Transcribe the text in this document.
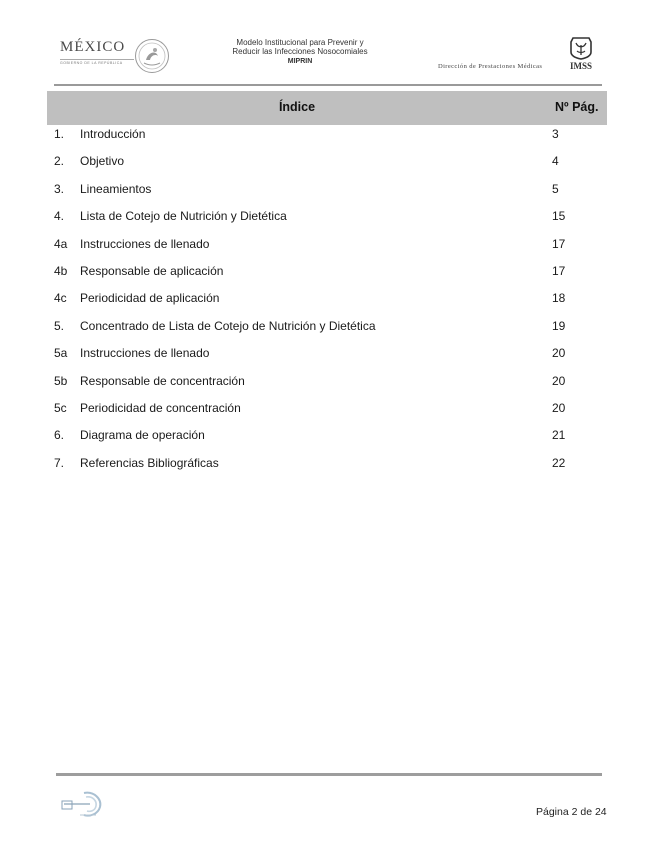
MÉXICO
GOBIERNO DE LA REPÚBLICA
Modelo Institucional para Prevenir y
Reducir las Infecciones Nosocomiales
MIPRIN
Dirección de Prestaciones Médicas	IMSS
Índice	Nº Pág.
1. Introducción	3
2. Objetivo	4
3. Lineamientos	5
4. Lista de Cotejo de Nutrición y Dietética	15
4a Instrucciones de llenado	17
4b Responsable de aplicación	17
4c Periodicidad de aplicación	18
5. Concentrado de Lista de Cotejo de Nutrición y Dietética	19
5a Instrucciones de llenado	20
5b Responsable de concentración	20
5c Periodicidad de concentración	20
6. Diagrama de operación	21
7. Referencias Bibliográficas	22
Página 2 de 24
